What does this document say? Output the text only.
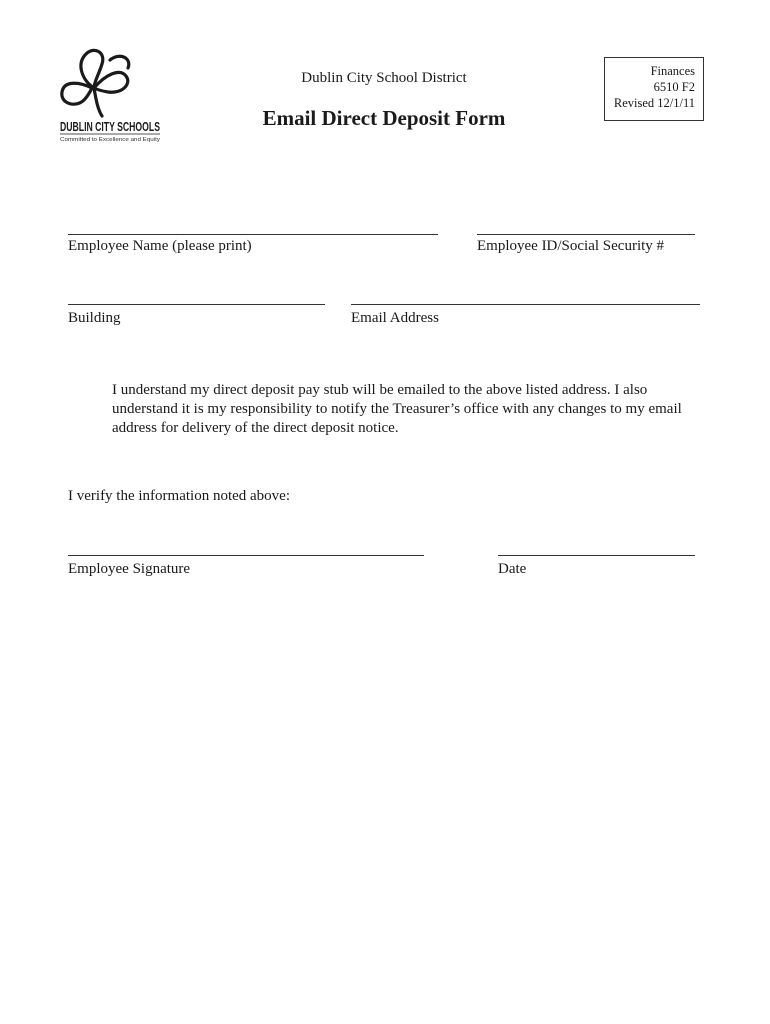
DUBLIN CITY SCHOOLS
Committed to Excellence and Equity
Dublin City School District
Email Direct Deposit Form
Finances
6510 F2
Revised 12/1/11
Employee Name (please print)	Employee ID/Social Security #
Building	Email Address
I understand my direct deposit pay stub will be emailed to the above listed address. I also understand it is my responsibility to notify the Treasurer’s office with any changes to my email address for delivery of the direct deposit notice.
I verify the information noted above:
Employee Signature	Date
